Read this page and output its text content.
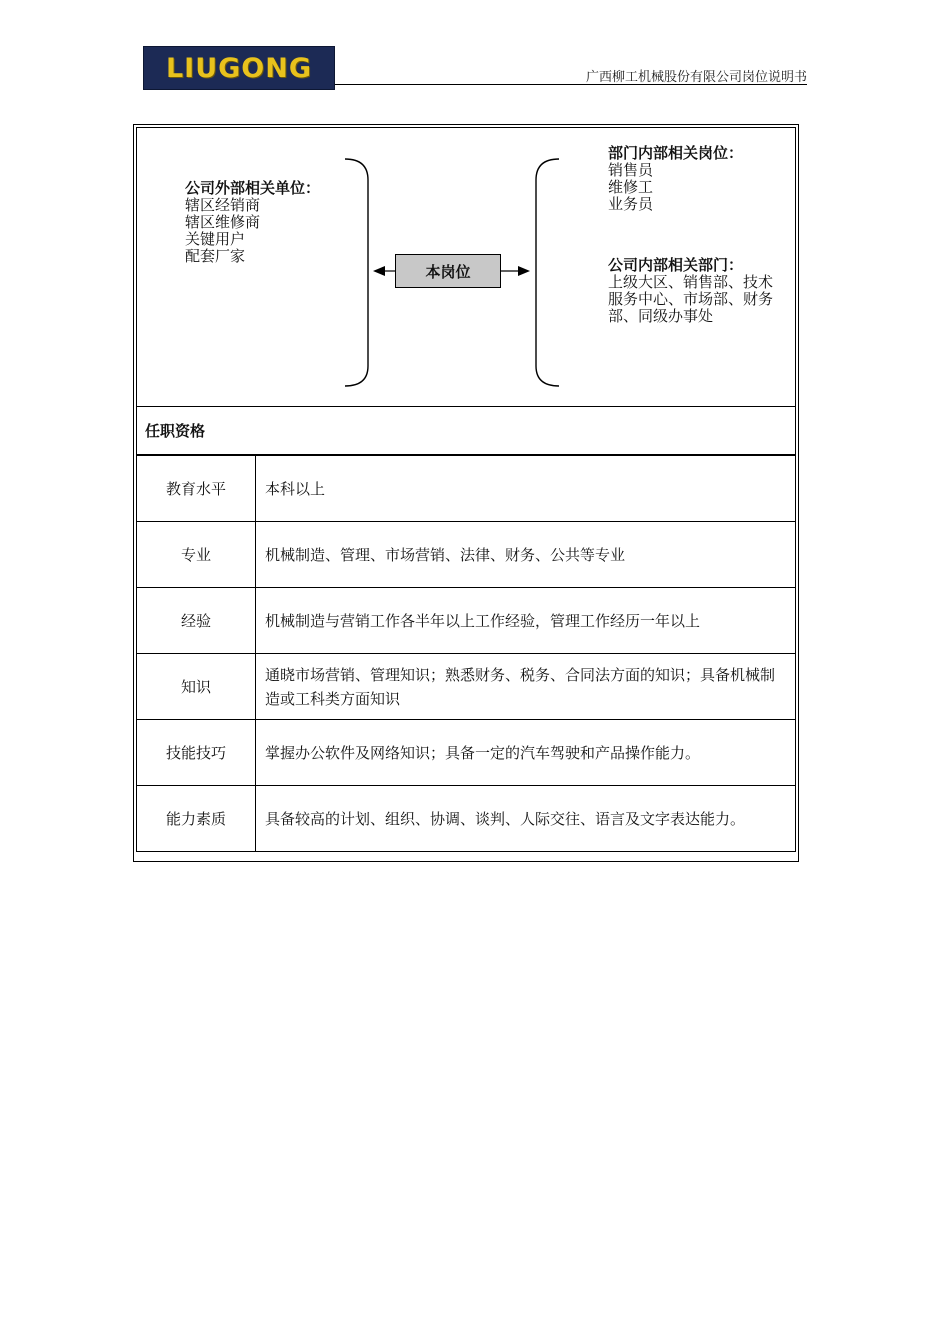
LIUGONG	广西柳工机械股份有限公司岗位说明书
公司外部相关单位：
辖区经销商
辖区维修商
关键用户
配套厂家
本岗位
部门内部相关岗位：
销售员
维修工
业务员
公司内部相关部门：
上级大区、销售部、技术
服务中心、市场部、财务
部、同级办事处
任职资格
教育水平	本科以上
专业	机械制造、管理、市场营销、法律、财务、公共等专业
经验	机械制造与营销工作各半年以上工作经验，管理工作经历一年以上
知识	通晓市场营销、管理知识；熟悉财务、税务、合同法方面的知识；具备机械制造或工科类方面知识
技能技巧	掌握办公软件及网络知识；具备一定的汽车驾驶和产品操作能力。
能力素质	具备较高的计划、组织、协调、谈判、人际交往、语言及文字表达能力。
